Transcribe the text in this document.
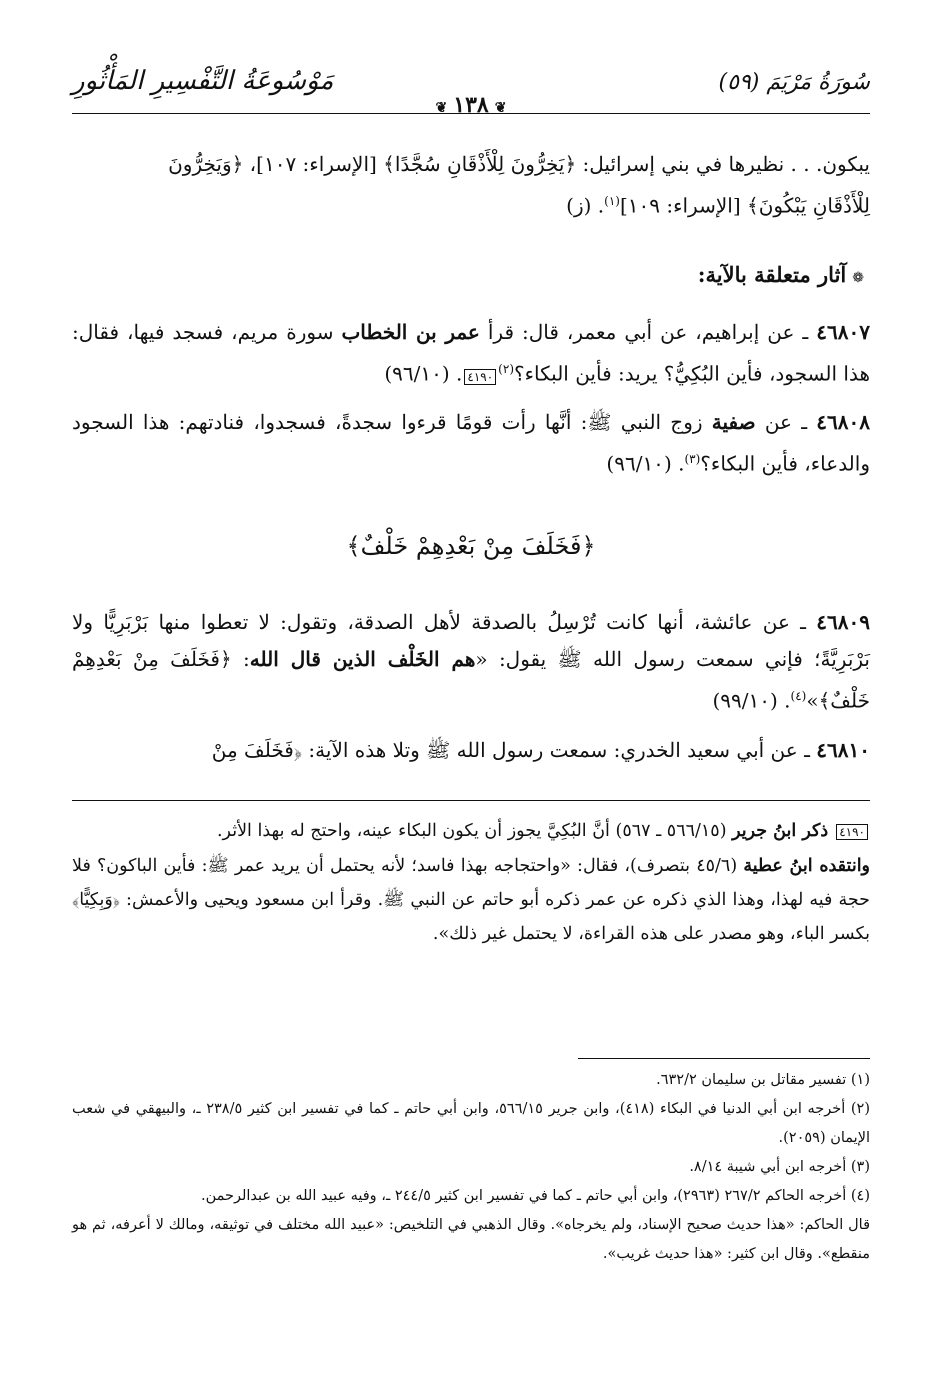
سُورَةُ مَرْيَمَ (٥٩)
❦١٣٨❦
مَوْسُوعَةُ التَّفْسِيرِ المَأْثُورِ
يبكون. . . نظيرها في بني إسرائيل: ﴿يَخِرُّونَ لِلْأَذْقَانِ سُجَّدًا﴾ [الإسراء: ١٠٧]، ﴿وَيَخِرُّونَ
لِلْأَذْقَانِ يَبْكُونَ﴾ [الإسراء: ١٠٩]$^{(١)}$. (ز)
❁آثار متعلقة بالآية:
٤٦٨٠٧ ـ عن إبراهيم، عن أبي معمر، قال: قرأ عمر بن الخطاب سورة مريم، فسجد فيها، فقال: هذا السجود، فأين البُكِيُّ؟ يريد: فأين البكاء؟$^{(٢)}$٤١٩٠. (٩٦/١٠)
٤٦٨٠٨ ـ عن صفية زوج النبي ﷺ: أنَّها رأت قومًا قرءوا سجدةً، فسجدوا، فنادتهم: هذا السجود والدعاء، فأين البكاء؟$^{(٣)}$. (٩٦/١٠)
﴿فَخَلَفَ مِنْ بَعْدِهِمْ خَلْفٌ﴾
٤٦٨٠٩ ـ عن عائشة، أنها كانت تُرْسِلُ بالصدقة لأهل الصدقة، وتقول: لا تعطوا منها بَرْبَرِيًّا ولا بَرْبَرِيَّةً؛ فإني سمعت رسول الله ﷺ يقول: «هم الخَلْف الذين قال الله: ﴿فَخَلَفَ مِنْ بَعْدِهِمْ خَلْفٌ﴾»$^{(٤)}$. (٩٩/١٠)
٤٦٨١٠ ـ عن أبي سعيد الخدري: سمعت رسول الله ﷺ وتلا هذه الآية: ﴿فَخَلَفَ مِنْ
٤١٩٠ ذكر ابنُ جرير (٥٦٦/١٥ ـ ٥٦٧) أنَّ البُكِيَّ يجوز أن يكون البكاء عينه، واحتج له بهذا الأثر.
وانتقده ابنُ عطية (٤٥/٦ بتصرف)، فقال: «واحتجاجه بهذا فاسد؛ لأنه يحتمل أن يريد عمر ﷺ: فأين الباكون؟ فلا حجة فيه لهذا، وهذا الذي ذكره عن عمر ذكره أبو حاتم عن النبي ﷺ. وقرأ ابن مسعود ويحيى والأعمش: ﴿وَبِكِيًّا﴾ بكسر الباء، وهو مصدر على هذه القراءة، لا يحتمل غير ذلك».
(١) تفسير مقاتل بن سليمان ٦٣٢/٢.
(٢) أخرجه ابن أبي الدنيا في البكاء (٤١٨)، وابن جرير ٥٦٦/١٥، وابن أبي حاتم ـ كما في تفسير ابن كثير ٢٣٨/٥ ـ، والبيهقي في شعب الإيمان (٢٠٥٩).
(٣) أخرجه ابن أبي شيبة ٨/١٤.
(٤) أخرجه الحاكم ٢٦٧/٢ (٢٩٦٣)، وابن أبي حاتم ـ كما في تفسير ابن كثير ٢٤٤/٥ ـ، وفيه عبيد الله بن عبدالرحمن.
قال الحاكم: «هذا حديث صحيح الإسناد، ولم يخرجاه». وقال الذهبي في التلخيص: «عبيد الله مختلف في توثيقه، ومالك لا أعرفه، ثم هو منقطع». وقال ابن كثير: «هذا حديث غريب».
